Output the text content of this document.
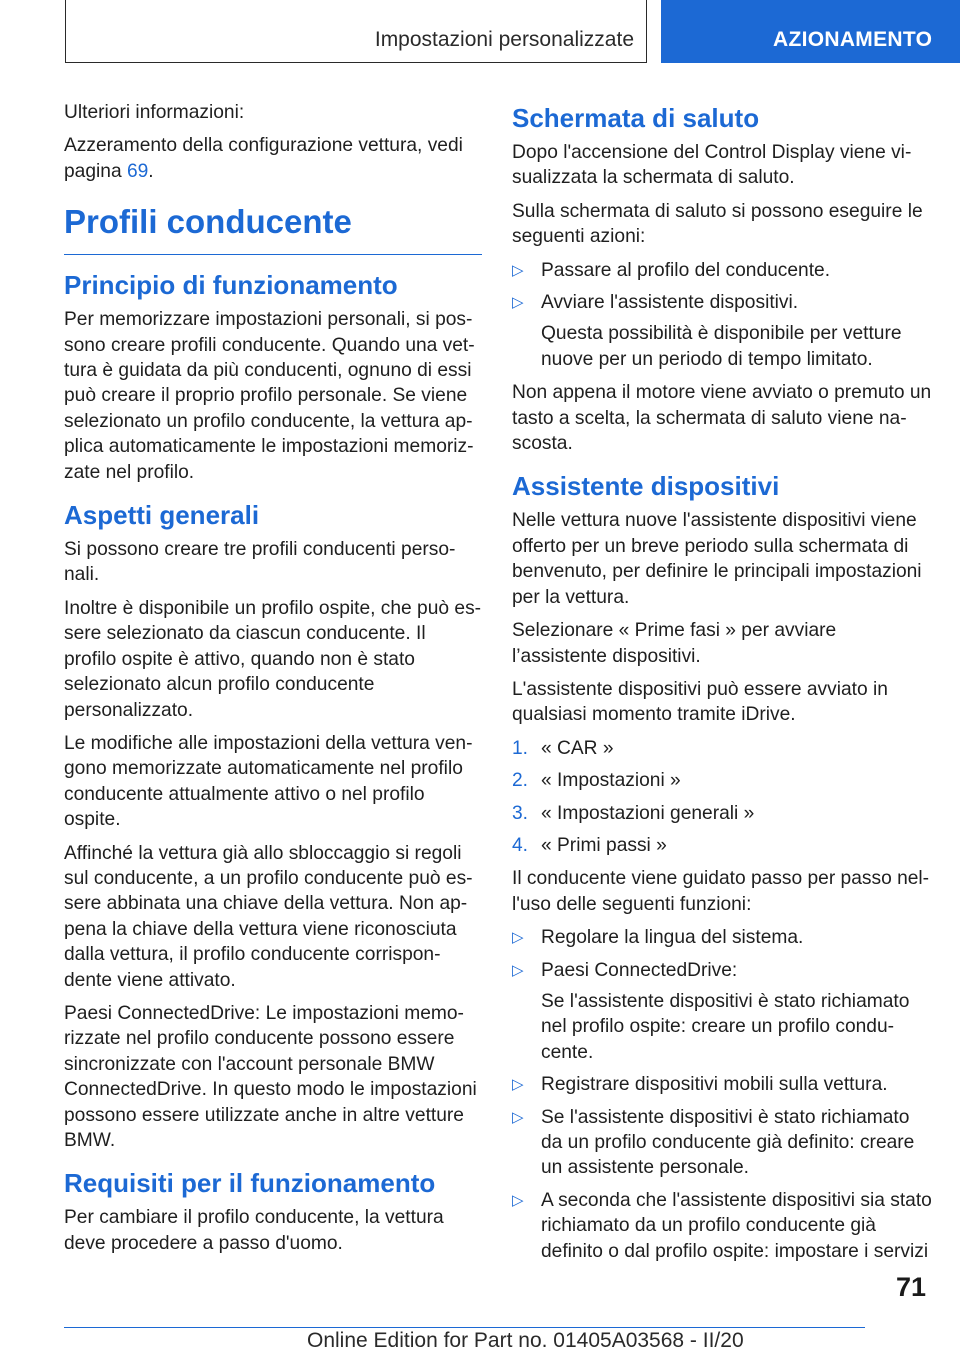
Impostazioni personalizzate	AZIONAMENTO

Ulteriori informazioni:

Azzeramento della configurazione vettura, vedi pagina 69.

Profili conducente
Principio di funzionamento

Per memorizzare impostazioni personali, si pos-sono creare profili conducente. Quando una vet-tura è guidata da più conducenti, ognuno di essi può creare il proprio profilo personale. Se viene selezionato un profilo conducente, la vettura ap-plica automaticamente le impostazioni memoriz-zate nel profilo.

Aspetti generali

Si possono creare tre profili conducenti perso-nali.

Inoltre è disponibile un profilo ospite, che può es-sere selezionato da ciascun conducente. Il profilo ospite è attivo, quando non è stato selezionato alcun profilo conducente personalizzato.

Le modifiche alle impostazioni della vettura ven-gono memorizzate automaticamente nel profilo conducente attualmente attivo o nel profilo ospite.

Affinché la vettura già allo sbloccaggio si regoli sul conducente, a un profilo conducente può es-sere abbinata una chiave della vettura. Non ap-pena la chiave della vettura viene riconosciuta dalla vettura, il profilo conducente corrispon-dente viene attivato.

Paesi ConnectedDrive: Le impostazioni memo-rizzate nel profilo conducente possono essere sincronizzate con l'account personale BMW ConnectedDrive. In questo modo le impostazioni possono essere utilizzate anche in altre vetture BMW.

Requisiti per il funzionamento

Per cambiare il profilo conducente, la vettura deve procedere a passo d'uomo.

Schermata di saluto

Dopo l'accensione del Control Display viene vi-sualizzata la schermata di saluto.

Sulla schermata di saluto si possono eseguire le seguenti azioni:

▷ Passare al profilo del conducente.
▷ Avviare l'assistente dispositivi.
Questa possibilità è disponibile per vetture nuove per un periodo di tempo limitato.

Non appena il motore viene avviato o premuto un tasto a scelta, la schermata di saluto viene na-scosta.

Assistente dispositivi

Nelle vettura nuove l'assistente dispositivi viene offerto per un breve periodo sulla schermata di benvenuto, per definire le principali impostazioni per la vettura.

Selezionare « Prime fasi » per avviare l’assistente dispositivi.

L'assistente dispositivi può essere avviato in qualsiasi momento tramite iDrive.

1. « CAR »
2. « Impostazioni »
3. « Impostazioni generali »
4. « Primi passi »

Il conducente viene guidato passo per passo nel-l'uso delle seguenti funzioni:

▷ Regolare la lingua del sistema.
▷ Paesi ConnectedDrive:
Se l'assistente dispositivi è stato richiamato nel profilo ospite: creare un profilo condu-cente.
▷ Registrare dispositivi mobili sulla vettura.
▷ Se l'assistente dispositivi è stato richiamato da un profilo conducente già definito: creare un assistente personale.
▷ A seconda che l'assistente dispositivi sia stato richiamato da un profilo conducente già definito o dal profilo ospite: impostare i servizi
71
Online Edition for Part no. 01405A03568 - II/20
